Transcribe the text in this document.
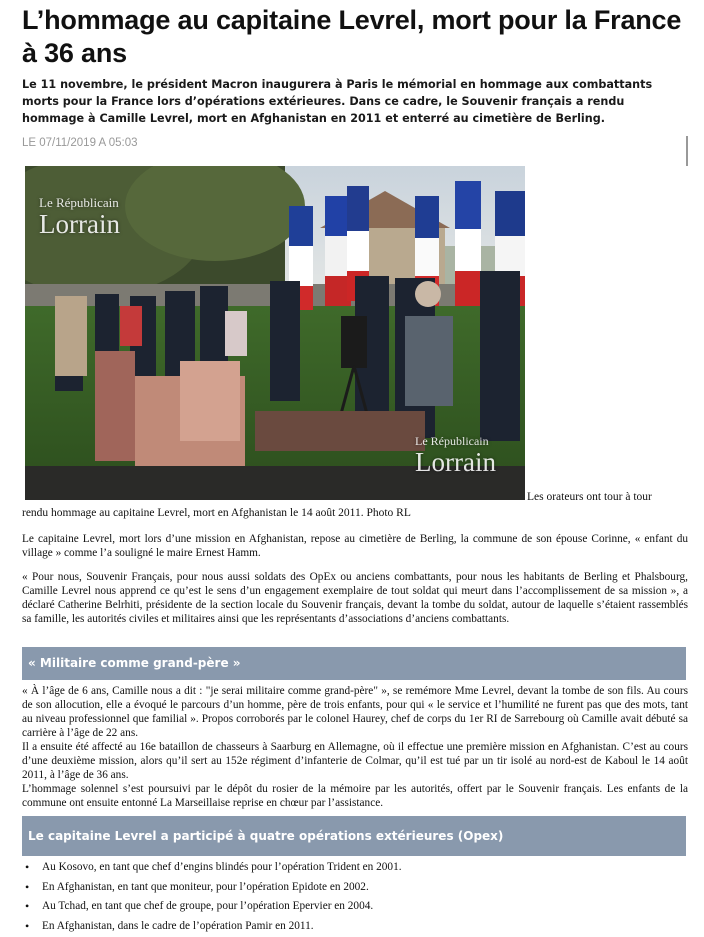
L’hommage au capitaine Levrel, mort pour la France à 36 ans

Le 11 novembre, le président Macron inaugurera à Paris le mémorial en hommage aux combattants morts pour la France lors d’opérations extérieures. Dans ce cadre, le Souvenir français a rendu hommage à Camille Levrel, mort en Afghanistan en 2011 et enterré au cimetière de Berling.

LE 07/11/2019 A 05:03
Le Républicain
Lorrain
Le Républicain
Lorrain
Les orateurs ont tour à tour
rendu hommage au capitaine Levrel, mort en Afghanistan le 14 août 2011. Photo RL

Le capitaine Levrel, mort lors d’une mission en Afghanistan, repose au cimetière de Berling, la commune de son épouse Corinne, « enfant du village » comme l’a souligné le maire Ernest Hamm.

« Pour nous, Souvenir Français, pour nous aussi soldats des OpEx ou anciens combattants, pour nous les habitants de Berling et Phalsbourg, Camille Levrel nous apprend ce qu’est le sens d’un engagement exemplaire de tout soldat qui meurt dans l’accomplissement de sa mission », a déclaré Catherine Belrhiti, présidente de la section locale du Souvenir français, devant la tombe du soldat, autour de laquelle s’étaient rassemblés sa famille, les autorités civiles et militaires ainsi que les représentants d’associations d’anciens combattants.

« Militaire comme grand-père »
« À l’âge de 6 ans, Camille nous a dit : "je serai militaire comme grand-père" », se remémore Mme Levrel, devant la tombe de son fils. Au cours de son allocution, elle a évoqué le parcours d’un homme, père de trois enfants, pour qui « le service et l’humilité ne furent pas que des mots, tant au niveau professionnel que familial ». Propos corroborés par le colonel Haurey, chef de corps du 1er RI de Sarrebourg où Camille avait débuté sa carrière à l’âge de 22 ans.
Il a ensuite été affecté au 16e bataillon de chasseurs à Saarburg en Allemagne, où il effectue une première mission en Afghanistan. C’est au cours d’une deuxième mission, alors qu’il sert au 152e régiment d’infanterie de Colmar, qu’il est tué par un tir isolé au nord-est de Kaboul le 14 août 2011, à l’âge de 36 ans.
L’hommage solennel s’est poursuivi par le dépôt du rosier de la mémoire par les autorités, offert par le Souvenir français. Les enfants de la commune ont ensuite entonné La Marseillaise reprise en chœur par l’assistance.
Le capitaine Levrel a participé à quatre opérations extérieures (Opex)
• Au Kosovo, en tant que chef d’engins blindés pour l’opération Trident en 2001.
• En Afghanistan, en tant que moniteur, pour l’opération Epidote en 2002.
• Au Tchad, en tant que chef de groupe, pour l’opération Epervier en 2004.
• En Afghanistan, dans le cadre de l’opération Pamir en 2011.
